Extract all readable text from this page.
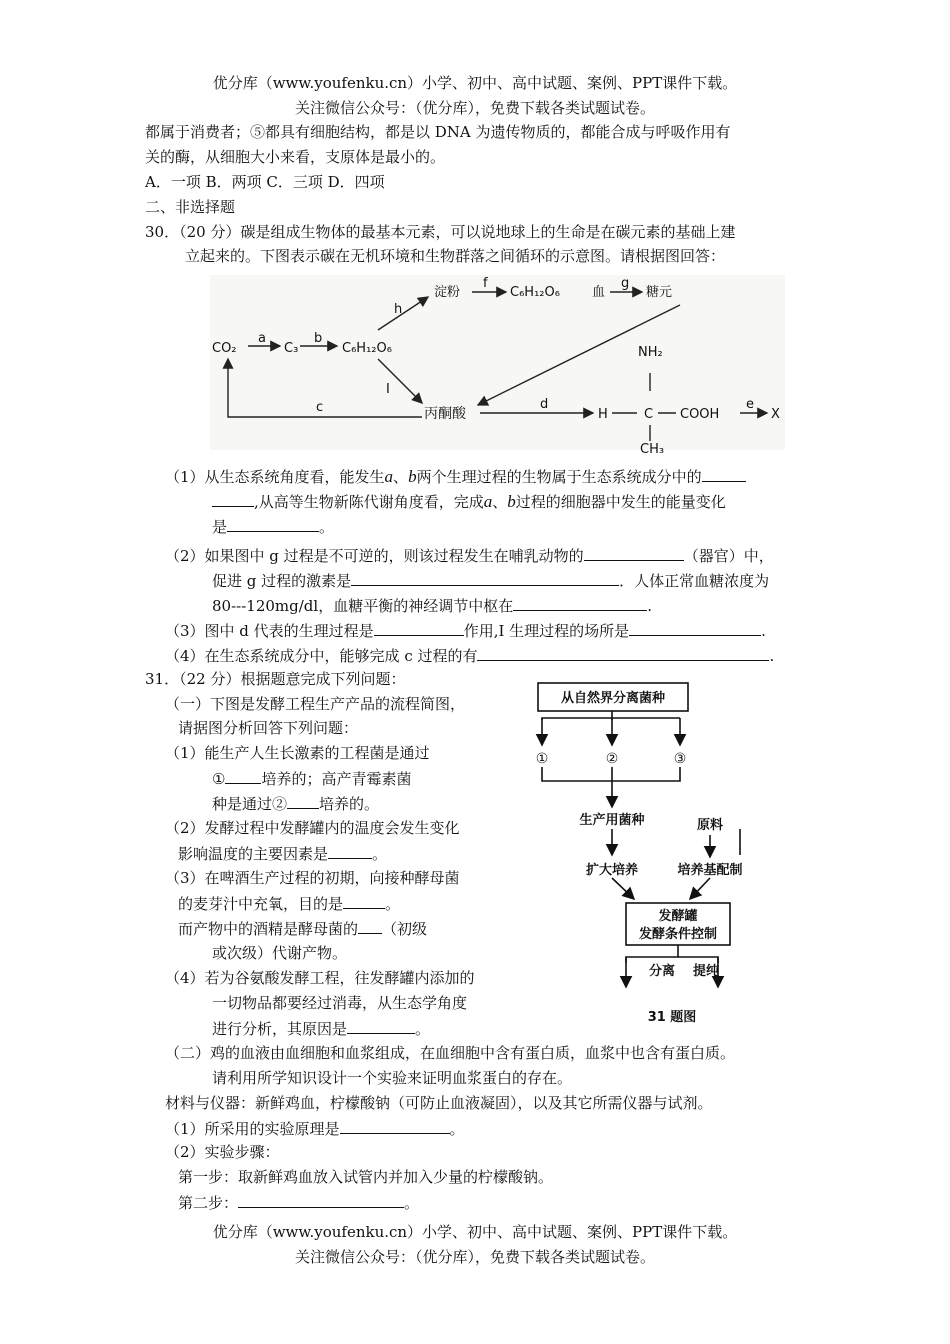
优分库（www.youfenku.cn）小学、初中、高中试题、案例、PPT课件下载。
关注微信公众号：（优分库），免费下载各类试题试卷。
都属于消费者；⑤都具有细胞结构，都是以 DNA 为遗传物质的，都能合成与呼吸作用有
关的酶，从细胞大小来看，支原体是最小的。
A．一项 B．两项 C．三项 D．四项
二、非选择题
30．（20 分）碳是组成生物体的最基本元素，可以说地球上的生命是在碳元素的基础上建
立起来的。下图表示碳在无机环境和生物群落之间循环的示意图。请根据图回答：
CO₂	C₃	C₆H₁₂O₆
淀粉	C₆H₁₂O₆ 血	糖元
丙酮酸
NH₂
H	C COOH
CH₃
X
a	b
c	d	e
f	g
h
I
（1）从生态系统角度看，能发生a、b两个生理过程的生物属于生态系统成分中的
,从高等生物新陈代谢角度看，完成a、b过程的细胞器中发生的能量变化
是	。
（2）如果图中 g 过程是不可逆的，则该过程发生在哺乳动物的	（器官）中，
促进 g 过程的激素是	．人体正常血糖浓度为
80---120mg/dl，血糖平衡的神经调节中枢在	.
（3）图中 d 代表的生理过程是	作用,I 生理过程的场所是	.
（4）在生态系统成分中，能够完成 c 过程的有	.
31．（22 分）根据题意完成下列问题：
（一）下图是发酵工程生产产品的流程简图，
请据图分析回答下列问题：
（1）能生产人生长激素的工程菌是通过
① 培养的；高产青霉素菌
种是通过② 培养的。
（2）发酵过程中发酵罐内的温度会发生变化
影响温度的主要因素是	。
（3）在啤酒生产过程的初期，向接种酵母菌
的麦芽汁中充氧，目的是	。
而产物中的酒精是酵母菌的 （初级
或次级）代谢产物。
（4）若为谷氨酸发酵工程，往发酵罐内添加的
一切物品都要经过消毒，从生态学角度
进行分析，其原因是	。
从自然界分离菌种
①	②	③
生产用菌种	原料
扩大培养	培养基配制
发酵罐
发酵条件控制
分离 提纯
31 题图
（二）鸡的血液由血细胞和血浆组成，在血细胞中含有蛋白质，血浆中也含有蛋白质。
请利用所学知识设计一个实验来证明血浆蛋白的存在。
材料与仪器：新鲜鸡血，柠檬酸钠（可防止血液凝固），以及其它所需仪器与试剂。
（1）所采用的实验原理是	。
（2）实验步骤：
第一步：取新鲜鸡血放入试管内并加入少量的柠檬酸钠。
第二步：	。
优分库（www.youfenku.cn）小学、初中、高中试题、案例、PPT课件下载。
关注微信公众号：（优分库），免费下载各类试题试卷。
